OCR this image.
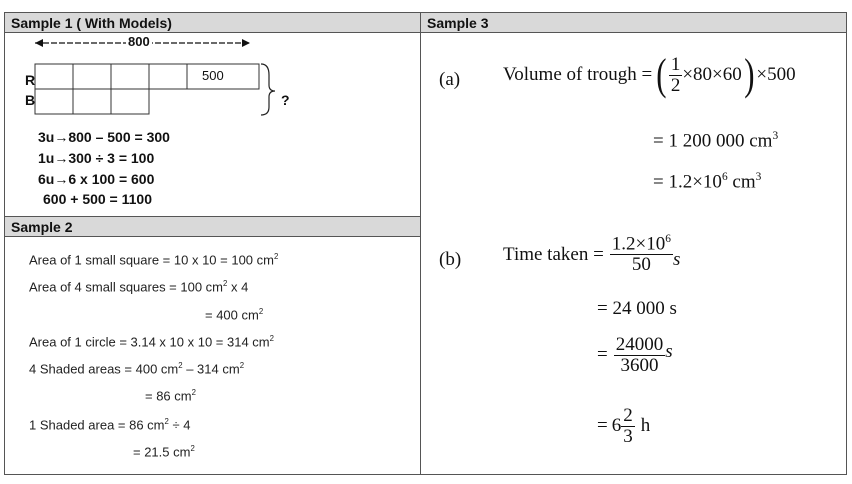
Sample 1 ( With Models)	Sample 3
Sample 2
800
R
B
500
?
3u→800 – 500 = 300
1u→300 ÷ 3 = 100
6u→6 x 100 = 600
600 + 500 = 1100
Area of 1 small square = 10 x 10 = 100 $cm^2$
Area of 4 small squares = 100 $cm^2$ x 4
= 400 $cm^2$
Area of 1 circle = 3.14 x 10 x 10 = 314 $cm^2$
4 Shaded areas = 400 $cm^2 - 314$ $cm^2$
= 86 $cm^2$
1 Shaded area = 86 $cm^2 \div 4$
= 21.5 $cm^2$
(a) Volume of trough = ( $\frac{1}{2} \times 80\times 60$ ) ×500
= 1 200 000 $cm^3$
= $1.2\times 10^6$ $cm^3$
(b) Time taken = $\frac{1.2\times 10^6}{50}$ s
= 24 000 s
= $\frac{24000}{3600}$ s
= $6 \frac{2}{3}$ h
